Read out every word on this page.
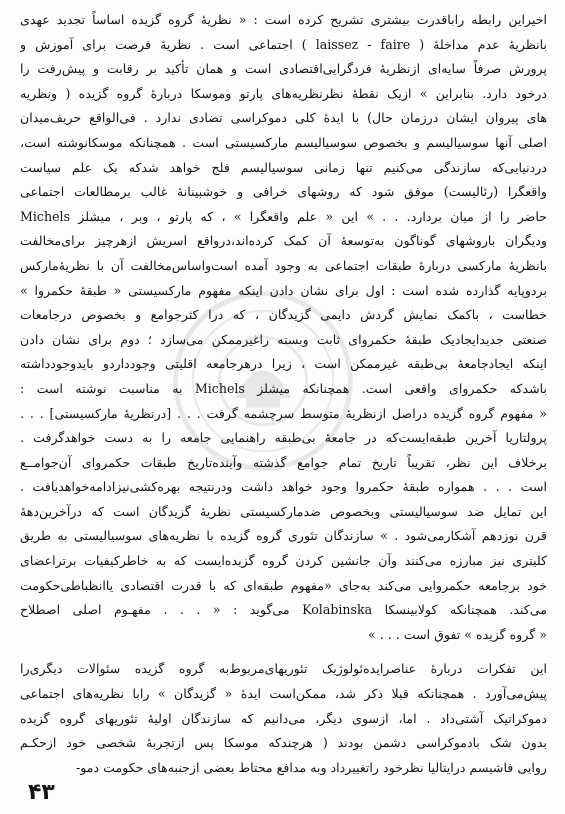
اخیراین رابطه راباقدرت بیشتری تشریح کرده است : « نظریهٔ گروه گزیده اساساً تجدید عهدی
بانظریهٔ عدم مداخلهٔ ( laissez - faire ) اجتماعی است . نظریهٔ فرصت برای آموزش و
پرورش صرفاً سایه‌ای ازنظریهٔ فردگرایی‌اقتصادی است و همان تأکید بر رقابت و پیش‌رفت را
درخود دارد. بنابراین » ازیک نقطهٔ نظرنظریه‌های پارتو وموسکا دربارهٔ گروه گزیده ( ونظریه
های پیروان ایشان درزمان حال) با ایدهٔ کلی دموکراسی تضادی ندارد . فی‌الواقع حریف‌میدان
اصلی آنها سوسیالیسم و بخصوص سوسیالیسم مارکسیستی است . همچنانکه موسکانوشته است،
دردنیایی‌که سازندگی می‌کنیم تنها زمانی سوسیالیسم فلج خواهد شدکه یک علم سیاست
واقعگرا (رئالیست) موفق شود که روشهای خرافی و خوشبینانهٔ غالب برمطالعات اجتماعی
حاضر را از میان بردارد. . . » این « علم واقعگرا » ، که پارتو ، وبر ، میشلز Michels
ودیگران باروشهای گوناگون به‌توسعهٔ آن کمک کرده‌اند،درواقع اسریش ازهرچیز برای‌مخالفت
بانظریهٔ مارکسی دربارهٔ طبقات اجتماعی به وجود آمده است‌واساس‌مخالفت آن با نظریهٔ‌مارکس
بردوپایه گذارده شده است : اول برای نشان دادن اینکه مفهوم مارکسیستی « طبقهٔ حکمروا »
خطاست ، باکمک نمایش گردش دایمی گزیدگان ، که درا کثرجوامع و بخصوص درجامعات
صنعتی جدیدایجادیک طبقهٔ حکمروای ثابت وبسته راغیرممکن می‌سازد ؛ دوم برای نشان دادن
اینکه ایجادجامعهٔ بی‌طبقه غیرممکن است ، زیرا درهرجامعه اقلیتی وجودداردو بایدوجودداشته
باشدکه حکمروای واقعی است. همچنانکه میشلز Michels به مناسبت نوشته است :
« مفهوم گروه گزیده دراصل ازنظریهٔ متوسط سرچشمه گرفت . . . [درنظریهٔ مارکسیستی] . . .
پرولتاریا آخرین طبقه‌ایست‌که در جامعهٔ بی‌طبقه راهنمایی جامعه را به دست خواهدگرفت .
برخلاف این نظر، تقریباً تاریخ تمام جوامع گذشته وآینده‌تاریخ طبقات حکمروای آن‌جوامــع
است . . . همواره طبقهٔ حکمروا وجود خواهد داشت ودرنتیجه بهره‌کشی‌نیزادامه‌خواهدیافت .
این تمایل ضد سوسیالیستی وبخصوص ضدمارکسیستی نظریهٔ گزیدگان است که درآخرین‌دههٔ
قرن نوزدهم آشکارمی‌شود . » سازندگان تئوری گروه گزیده با نظریه‌های سوسیالیستی به طریق
کلیتری نیز مبارزه می‌کنند وآن جانشین کردن گروه گزیده‌ایست که به خاطرکیفیات برتراعضای
خود برجامعه حکمروایی می‌کند به‌جای «مفهوم طبقه‌ای که با قدرت اقتصادی یاانظباطی‌حکومت
می‌کند. همچنانکه کولابینسکا Kolabinska می‌گوید : « . . . مفهـوم اصلی اصطلاح
« گروه گزیده » تفوق است . . . »
این تفکرات دربارهٔ عناصرایده‌ئولوژیک تئوریهای‌مربوط‌به گروه گزیده سئوالات دیگری‌را
پیش‌می‌آورد . همچنانکه قبلا ذکر شد، ممکن‌است ایدهٔ « گزیدگان » رابا نظریه‌های اجتماعی
دموکراتیک آشتی‌داد . اما، ازسوی دیگر، می‌دانیم که سازندگان اولیهٔ تئوریهای گروه گزیده
بدون شک بادموکراسی دشمن بودند ( هرچندکه موسکا پس ازتجربهٔ شخصی خود ازحکـم
روایی فاشیسم درایتالیا نظرخود راتغییرداد وبه مدافع محتاط بعضی ازجنبه‌های حکومت دمو-
۴۳
